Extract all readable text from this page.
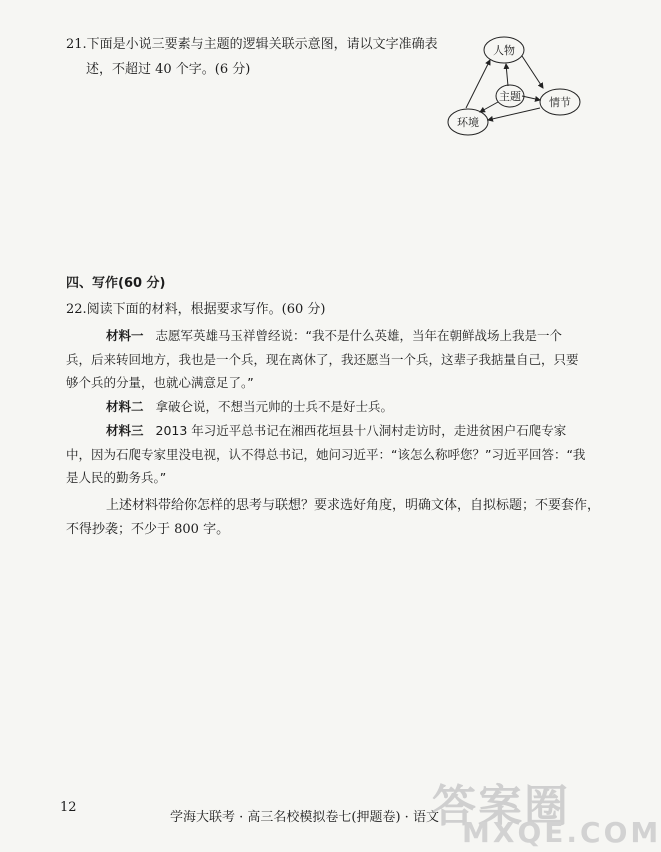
21.下面是小说三要素与主题的逻辑关联示意图，请以文字准确表
述，不超过 40 个字。(6 分)
人物
主题	情节
环境
四、写作(60 分)
22.阅读下面的材料，根据要求写作。(60 分)
材料一 志愿军英雄马玉祥曾经说：“我不是什么英雄，当年在朝鲜战场上我是一个
兵，后来转回地方，我也是一个兵，现在离休了，我还愿当一个兵，这辈子我掂量自己，只要
够个兵的分量，也就心满意足了。”
材料二 拿破仑说，不想当元帅的士兵不是好士兵。
材料三 2013 年习近平总书记在湘西花垣县十八洞村走访时，走进贫困户石爬专家
中，因为石爬专家里没电视，认不得总书记，她问习近平：“该怎么称呼您？”习近平回答：“我
是人民的勤务兵。”
上述材料带给你怎样的思考与联想？要求选好角度，明确文体，自拟标题；不要套作，
不得抄袭；不少于 800 字。
12
学海大联考 · 高三名校模拟卷七(押题卷) · 语文
答案圈
MXQE.COM
